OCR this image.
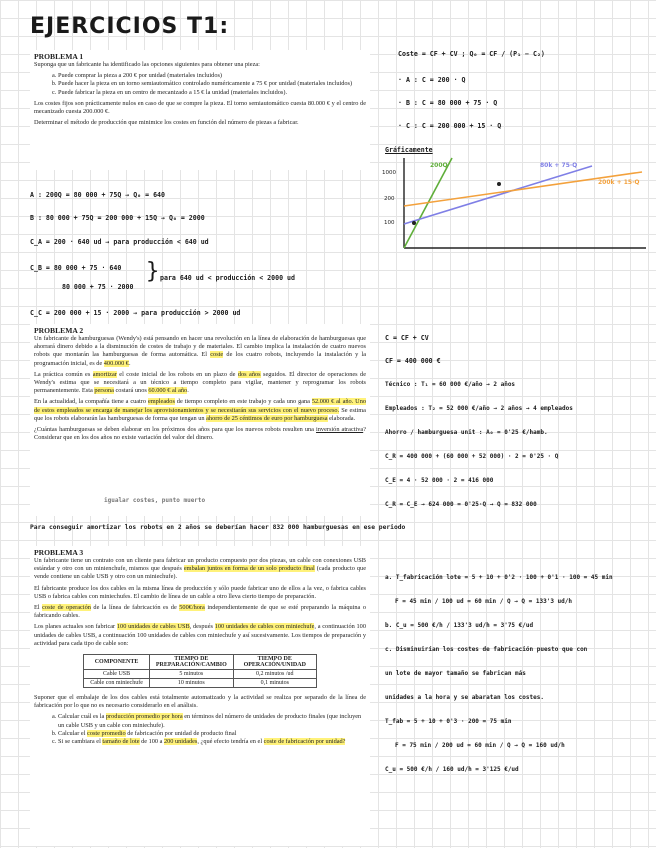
EJERCICIOS T1:
PROBLEMA 1

Suponga que un fabricante ha identificado las opciones siguientes para obtener una pieza:

a. Puede comprar la pieza a 200 € por unidad (materiales incluidos)
b. Puede hacer la pieza en un torno semiautomático controlado numéricamente a 75 € por unidad (materiales incluidos)
c. Puede fabricar la pieza en un centro de mecanizado a 15 € la unidad (materiales incluidos).

Los costes fijos son prácticamente nulos en caso de que se compre la pieza. El torno semiautomático cuesta 80.000 € y el centro de mecanizado cuesta 200.000 €.

Determinar el método de producción que minimice los costes en función del número de piezas a fabricar.

Coste = CF + CV ; Q₀ = CF / (P₁ − C₂)
· A : C = 200 · Q
· B : C = 80 000 + 75 · Q
· C : C = 200 000 + 15 · Q
Gráficamente
200Q	80k + 75·Q
200k + 15·Q
1000
200
100
A : 200Q = 80 000 + 75Q → Q₀ = 640
B : 80 000 + 75Q = 200 000 + 15Q → Q₀ = 2000
C_A = 200 · 640 ud → para producción < 640 ud
C_B = 80 000 + 75 · 640
80 000 + 75 · 2000
} para 640 ud < producción < 2000 ud
C_C = 200 000 + 15 · 2000 → para producción > 2000 ud
PROBLEMA 2

Un fabricante de hamburguesas (Wendy's) está pensando en hacer una revolución en la línea de elaboración de hamburguesas que ahorrará dinero debido a la disminución de costes de trabajo y de materiales. El cambio implica la instalación de cuatro nuevos robots que montarán las hamburguesas de forma automática. El coste de los cuatro robots, incluyendo la instalación y la programación inicial, es de 400.000 €.

La práctica común es amortizar el coste inicial de los robots en un plazo de dos años seguidos. El director de operaciones de Wendy's estima que se necesitará a un técnico a tiempo completo para vigilar, mantener y reprogramar los robots permanentemente. Esta persona costará unos 60.000 € al año.

En la actualidad, la compañía tiene a cuatro empleados de tiempo completo en este trabajo y cada uno gana 52.000 € al año. Uno de estos empleados se encarga de manejar los aprovisionamientos y se necesitarán sus servicios con el nuevo proceso. Se estima que los robots elaborarán las hamburguesas de forma que tengan un ahorro de 25 céntimos de euro por hamburguesa elaborada.

¿Cuántas hamburguesas se deben elaborar en los próximos dos años para que los nuevos robots resulten una inversión atractiva? Considerar que en los dos años no existe variación del valor del dinero.

igualar costes, punto muerto
C = CF + CV
CF = 400 000 €
Técnico : T₁ = 60 000 €/año → 2 años
Empleados : T₂ = 52 000 €/año → 2 años → 4 empleados
Ahorro / hamburguesa unit : A₀ = 0'25 €/hamb.
C_R = 400 000 + (60 000 + 52 000) · 2 = 0'25 · Q
C_E = 4 · 52 000 · 2 = 416 000
C_R = C_E → 624 000 = 0'25·Q → Q = 832 000
Para conseguir amortizar los robots en 2 años se deberían hacer 832 000 hamburguesas en ese periodo
PROBLEMA 3

Un fabricante tiene un contrato con un cliente para fabricar un producto compuesto por dos piezas, un cable con conexiones USB estándar y otro con un minienchufe, mismos que después embalan juntos en forma de un solo producto final (cada producto que vende contiene un cable USB y otro con un miniechufe).

El fabricante produce los dos cables en la misma línea de producción y sólo puede fabricar uno de ellos a la vez, o fabrica cables USB o fabrica cables con miniechufes. El cambio de línea de un cable a otro lleva cierto tiempo de preparación.

El coste de operación de la línea de fabricación es de 500€/hora independientemente de que se esté preparando la máquina o fabricando cables.

Los planes actuales son fabricar 100 unidades de cables USB, después 100 unidades de cables con miniechufe, a continuación 100 unidades de cables USB, a continuación 100 unidades de cables con miniechufe y así sucesivamente. Los tiempos de preparación y actividad para cada tipo de cable son:

COMPONENTE	TIEMPO DE PREPARACIÓN/CAMBIO	TIEMPO DE OPERACIÓN/UNIDAD
Cable USB	5 minutos	0,2 minutos /ud
Cable con miniechufe	10 minutos	0,1 minutos

Suponer que el embalaje de los dos cables está totalmente automatizado y la actividad se realiza por separado de la línea de fabricación por lo que no es necesario considerarlo en el análisis.

a. Calcular cuál es la producción promedio por hora en términos del número de unidades de producto finales (que incluyen un cable USB y un cable con miniechufe).
b. Calcular el coste promedio de fabricación por unidad de producto final
c. Si se cambiara el tamaño de lote de 100 a 200 unidades, ¿qué efecto tendría en el coste de fabricación por unidad?
a. T_fabricación lote = 5 + 10 + 0'2 · 100 + 0'1 · 100 = 45 min
F = 45 min / 100 ud = 60 min / Q → Q = 133'3 ud/h
b. C_u = 500 €/h / 133'3 ud/h = 3'75 €/ud
c. Disminuirían los costes de fabricación puesto que con
un lote de mayor tamaño se fabrican más
unidades a la hora y se abaratan los costes.
T_fab = 5 + 10 + 0'3 · 200 = 75 min
F = 75 min / 200 ud = 60 min / Q → Q = 160 ud/h
C_u = 500 €/h / 160 ud/h = 3'125 €/ud
